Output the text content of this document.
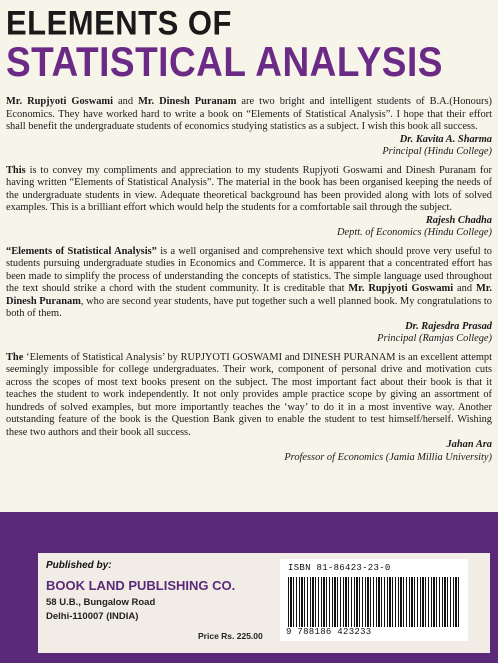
ELEMENTS OF
STATISTICAL ANALYSIS

Mr. Rupjyoti Goswami and Mr. Dinesh Puranam are two bright and intelligent students of B.A.(Honours) Economics. They have worked hard to write a book on “Elements of Statistical Analysis”. I hope that their effort shall benefit the undergraduate students of economics studying statistics as a subject. I wish this book all success.

Dr. Kavita A. Sharma
Principal (Hindu College)

This is to convey my compliments and appreciation to my students Rupjyoti Goswami and Dinesh Puranam for having written “Elements of Statistical Analysis”. The material in the book has been organised keeping the needs of the undergraduate students in view. Adequate theoretical background has been provided along with lots of solved examples. This is a brilliant effort which would help the students for a comfortable sail through the subject.

Rajesh Chadha
Deptt. of Economics (Hindu College)

“Elements of Statistical Analysis” is a well organised and comprehensive text which should prove very useful to students pursuing undergraduate studies in Economics and Commerce. It is apparent that a concentrated effort has been made to simplify the process of understanding the concepts of statistics. The simple language used throughout the text should strike a chord with the student community. It is creditable that Mr. Rupjyoti Goswami and Mr. Dinesh Puranam, who are second year students, have put together such a well planned book. My congratulations to both of them.

Dr. Rajesdra Prasad
Principal (Ramjas College)

The ‘Elements of Statistical Analysis’ by RUPJYOTI GOSWAMI and DINESH PURANAM is an excellent attempt seemingly impossible for college undergraduates. Their work, component of personal drive and motivation cuts across the scopes of most text books present on the subject. The most important fact about their book is that it teaches the student to work independently. It not only provides ample practice scope by giving an assortment of hundreds of solved examples, but more importantly teaches the ‘way’ to do it in a most inventive way. Another outstanding feature of the book is the Question Bank given to enable the student to test himself/herself. Wishing these two authors and their book all success.

Jahan Ara
Professor of Economics (Jamia Millia University)

Published by:
BOOK LAND PUBLISHING CO.
58 U.B., Bungalow Road
Delhi-110007 (INDIA)
Price Rs. 225.00
ISBN 81-86423-23-0
9 788186 423233
